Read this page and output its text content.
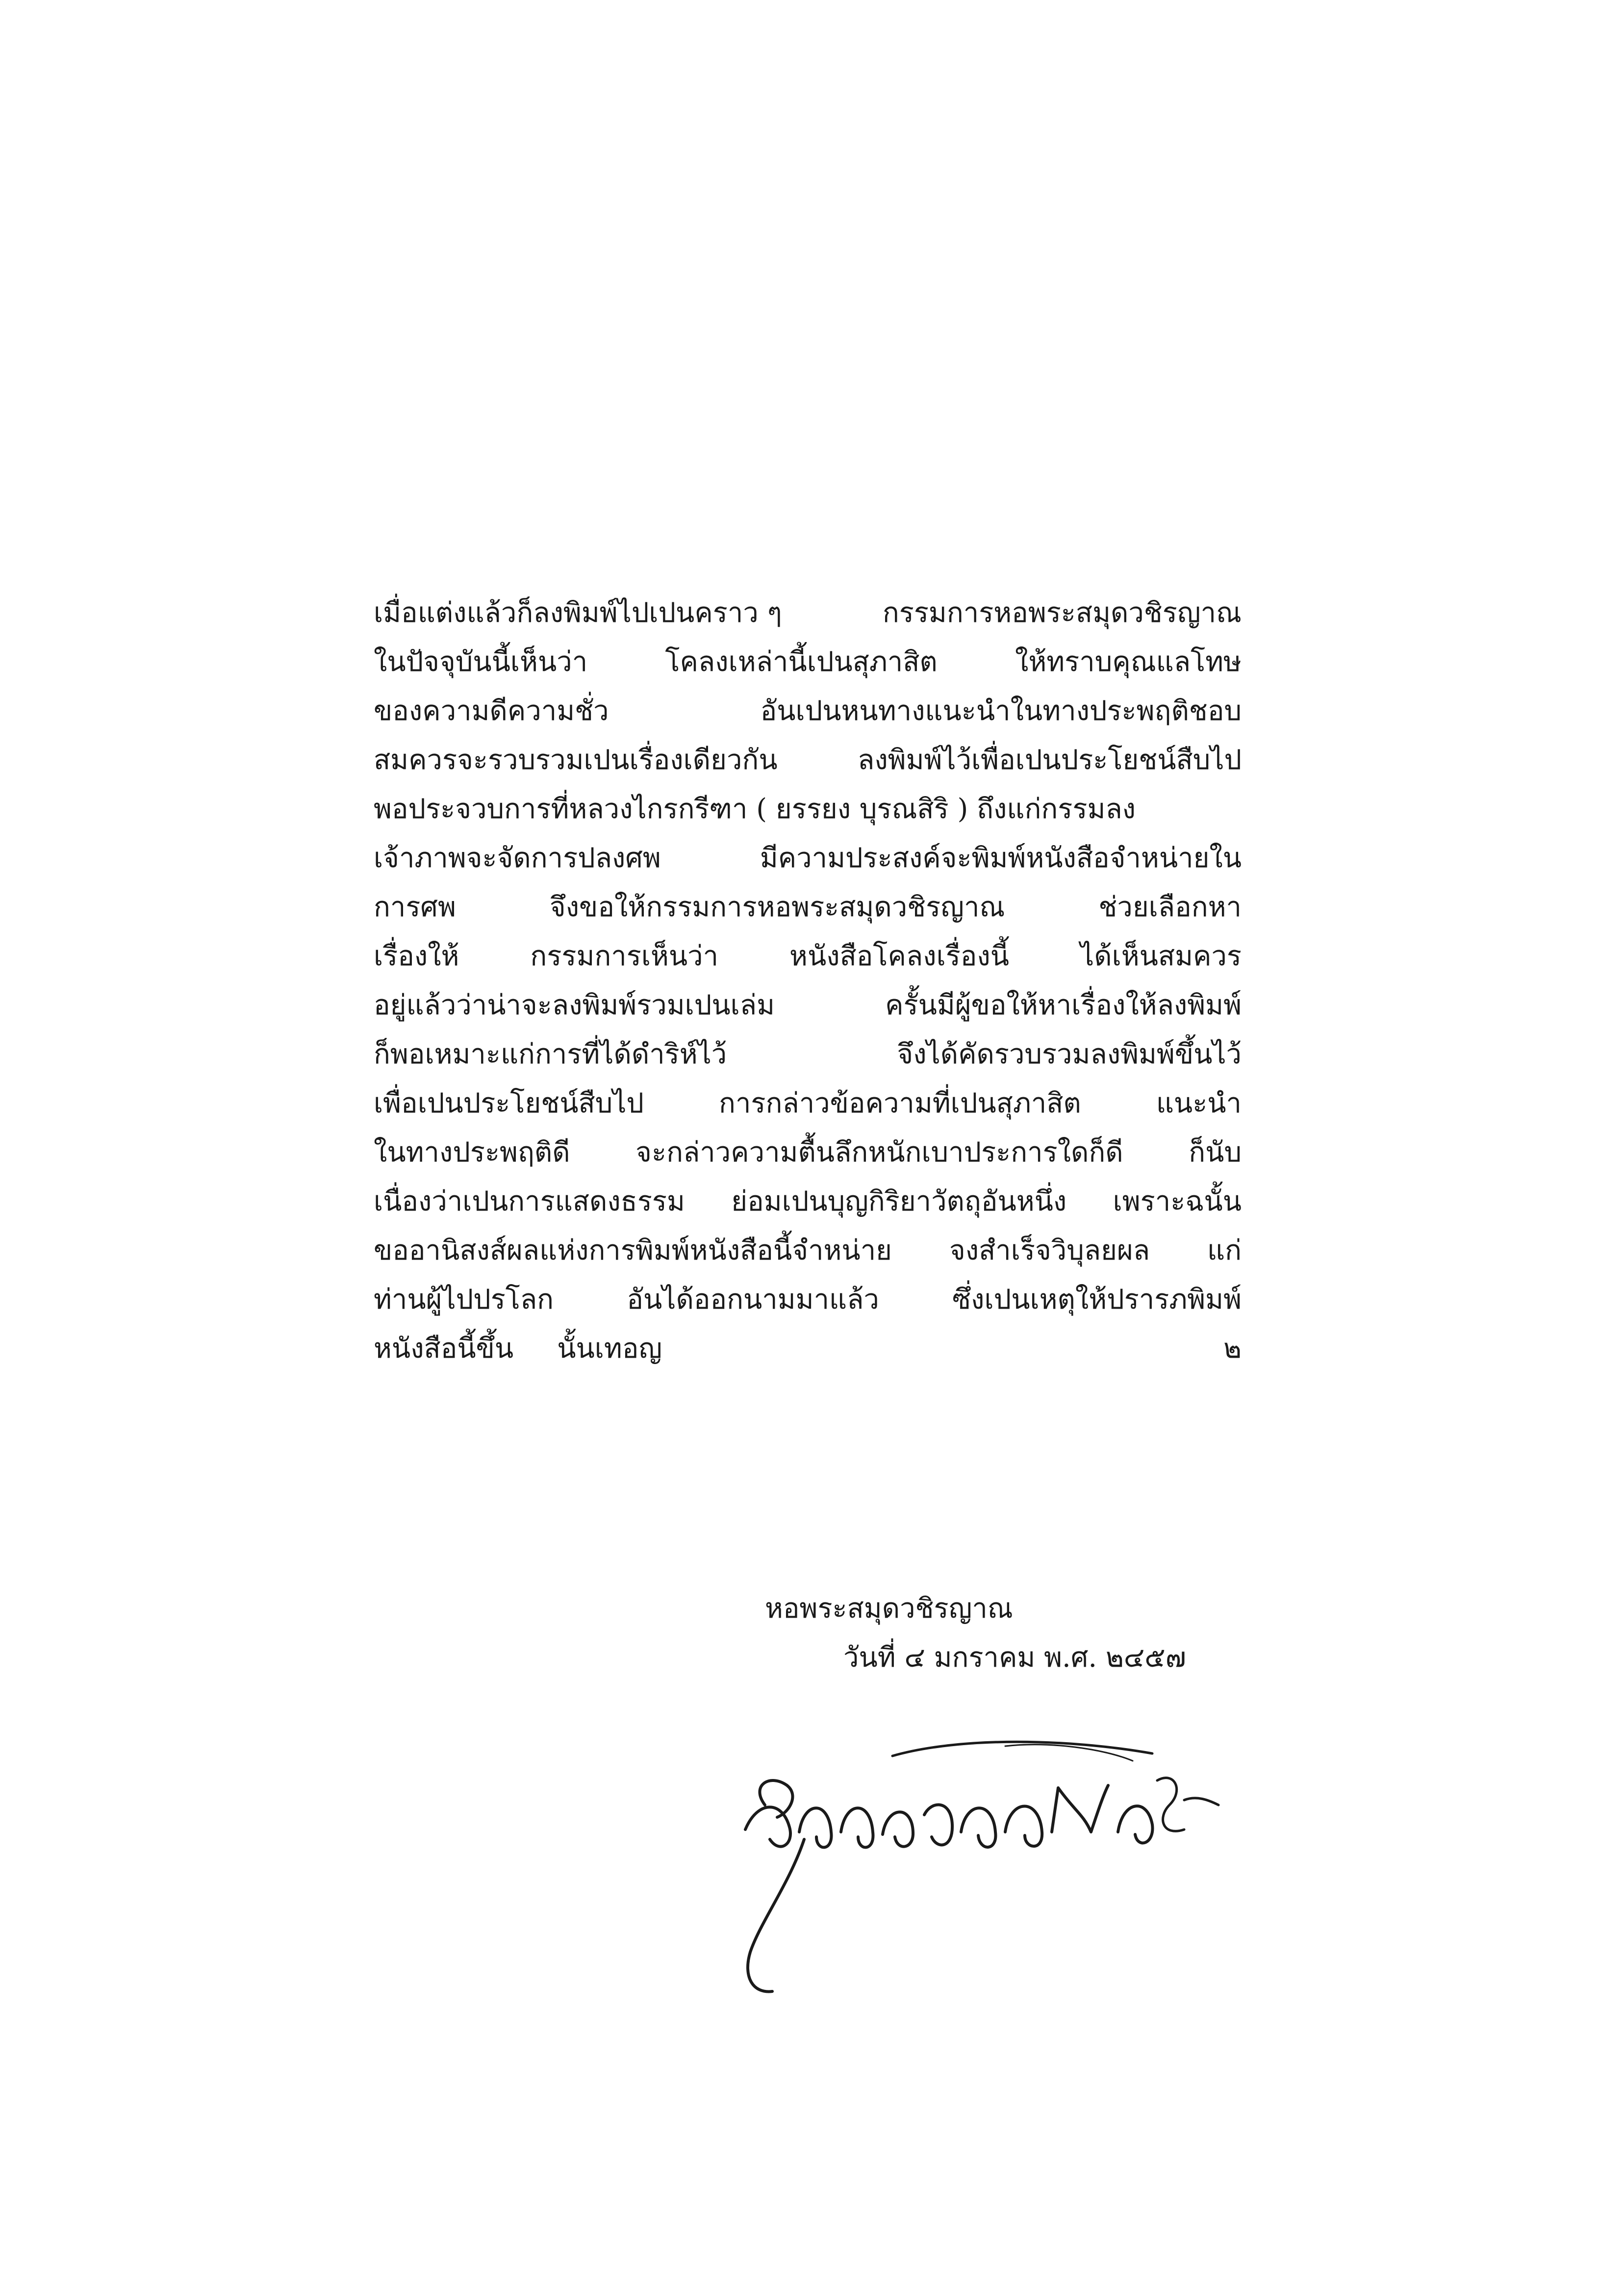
เมื่อแต่งแล้วก็ลงพิมพ์ไปเปนคราว ๆ	กรรมการหอพระสมุดวชิรญาณ
ในปัจจุบันนี้เห็นว่า	โคลงเหล่านี้เปนสุภาสิต	ให้ทราบคุณแลโทษ
ของความดีความชั่ว	อันเปนหนทางแนะนำในทางประพฤติชอบ
สมควรจะรวบรวมเปนเรื่องเดียวกัน	ลงพิมพ์ไว้เพื่อเปนประโยชน์สืบไป
พอประจวบการที่หลวงไกรกรีฑา ( ยรรยง บุรณสิริ ) ถึงแก่กรรมลง
เจ้าภาพจะจัดการปลงศพ	มีความประสงค์จะพิมพ์หนังสือจำหน่ายใน
การศพ	จึงขอให้กรรมการหอพระสมุดวชิรญาณ	ช่วยเลือกหา
เรื่องให้	กรรมการเห็นว่า	หนังสือโคลงเรื่องนี้	ได้เห็นสมควร
อยู่แล้วว่าน่าจะลงพิมพ์รวมเปนเล่ม	ครั้นมีผู้ขอให้หาเรื่องให้ลงพิมพ์
ก็พอเหมาะแก่การที่ได้ดำริห์ไว้	จึงได้คัดรวบรวมลงพิมพ์ขึ้นไว้
เพื่อเปนประโยชน์สืบไป	การกล่าวข้อความที่เปนสุภาสิต	แนะนำ
ในทางประพฤติดี จะกล่าวความตื้นลึกหนักเบาประการใดก็ดี ก็นับ
เนื่องว่าเปนการแสดงธรรม ย่อมเปนบุญกิริยาวัตถุอันหนึ่ง เพราะฉนั้น
ขออานิสงส์ผลแห่งการพิมพ์หนังสือนี้จำหน่าย จงสำเร็จวิบุลยผล แก่
ท่านผู้ไปปรโลก	อันได้ออกนามมาแล้ว	ซึ่งเปนเหตุให้ปรารภพิมพ์
หนังสือนี้ขึ้น นั้นเทอญ	๒
หอพระสมุดวชิรญาณ
วันที่ ๔ มกราคม พ.ศ. ๒๔๕๗
